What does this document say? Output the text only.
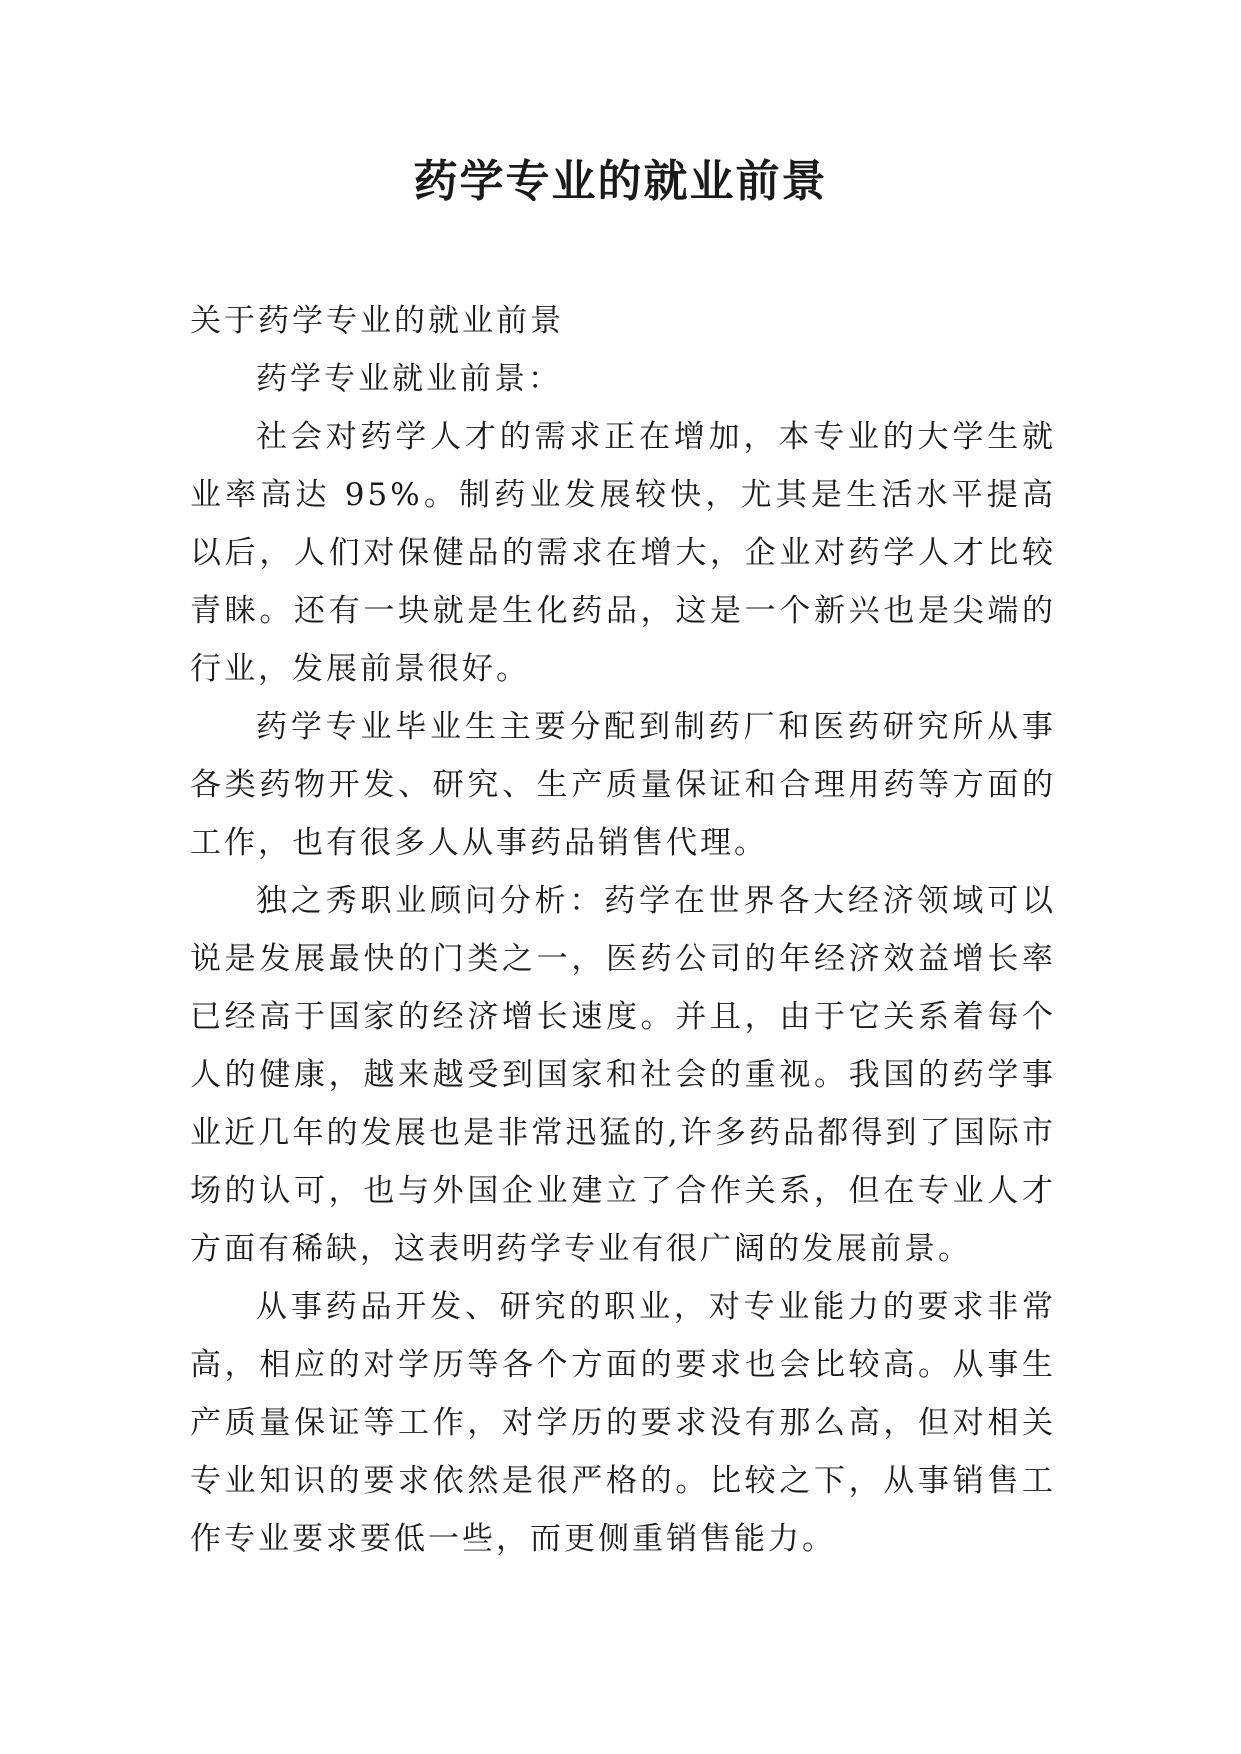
药学专业的就业前景

关于药学专业的就业前景

药学专业就业前景：

社会对药学人才的需求正在增加，本专业的大学生就业率高达 95%。制药业发展较快，尤其是生活水平提高以后，人们对保健品的需求在增大，企业对药学人才比较青睐。还有一块就是生化药品，这是一个新兴也是尖端的行业，发展前景很好。

药学专业毕业生主要分配到制药厂和医药研究所从事各类药物开发、研究、生产质量保证和合理用药等方面的工作，也有很多人从事药品销售代理。

独之秀职业顾问分析：药学在世界各大经济领域可以说是发展最快的门类之一，医药公司的年经济效益增长率已经高于国家的经济增长速度。并且，由于它关系着每个人的健康，越来越受到国家和社会的重视。我国的药学事业近几年的发展也是非常迅猛的,许多药品都得到了国际市场的认可，也与外国企业建立了合作关系，但在专业人才方面有稀缺，这表明药学专业有很广阔的发展前景。

从事药品开发、研究的职业，对专业能力的要求非常高，相应的对学历等各个方面的要求也会比较高。从事生产质量保证等工作，对学历的要求没有那么高，但对相关专业知识的要求依然是很严格的。比较之下，从事销售工作专业要求要低一些，而更侧重销售能力。
